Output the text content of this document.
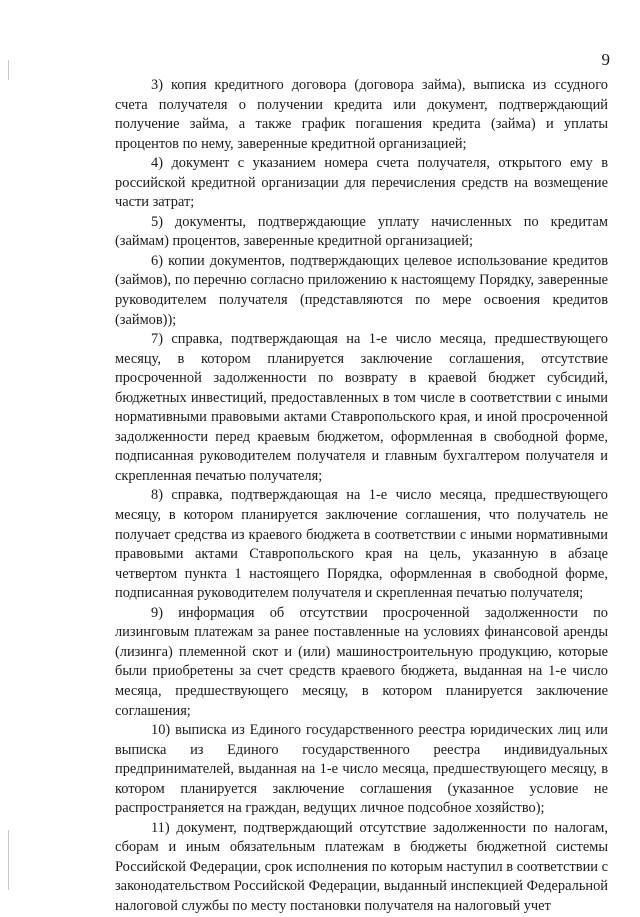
9

3) копия кредитного договора (договора займа), выписка из ссудного счета получателя о получении кредита или документ, подтверждающий получение займа, а также график погашения кредита (займа) и уплаты процентов по нему, заверенные кредитной организацией;

4) документ с указанием номера счета получателя, открытого ему в российской кредитной организации для перечисления средств на возмещение части затрат;

5) документы, подтверждающие уплату начисленных по кредитам (займам) процентов, заверенные кредитной организацией;

6) копии документов, подтверждающих целевое использование кредитов (займов), по перечню согласно приложению к настоящему Порядку, заверенные руководителем получателя (представляются по мере освоения кредитов (займов));

7) справка, подтверждающая на 1-е число месяца, предшествующего месяцу, в котором планируется заключение соглашения, отсутствие просроченной задолженности по возврату в краевой бюджет субсидий, бюджетных инвестиций, предоставленных в том числе в соответствии с иными нормативными правовыми актами Ставропольского края, и иной просроченной задолженности перед краевым бюджетом, оформленная в свободной форме, подписанная руководителем получателя и главным бухгалтером получателя и скрепленная печатью получателя;

8) справка, подтверждающая на 1-е число месяца, предшествующего месяцу, в котором планируется заключение соглашения, что получатель не получает средства из краевого бюджета в соответствии с иными нормативными правовыми актами Ставропольского края на цель, указанную в абзаце четвертом пункта 1 настоящего Порядка, оформленная в свободной форме, подписанная руководителем получателя и скрепленная печатью получателя;

9) информация об отсутствии просроченной задолженности по лизинговым платежам за ранее поставленные на условиях финансовой аренды (лизинга) племенной скот и (или) машиностроительную продукцию, которые были приобретены за счет средств краевого бюджета, выданная на 1-е число месяца, предшествующего месяцу, в котором планируется заключение соглашения;

10) выписка из Единого государственного реестра юридических лиц или выписка из Единого государственного реестра индивидуальных предпринимателей, выданная на 1-е число месяца, предшествующего месяцу, в котором планируется заключение соглашения (указанное условие не распространяется на граждан, ведущих личное подсобное хозяйство);

11) документ, подтверждающий отсутствие задолженности по налогам, сборам и иным обязательным платежам в бюджеты бюджетной системы Российской Федерации, срок исполнения по которым наступил в соответствии с законодательством Российской Федерации, выданный инспекцией Федеральной налоговой службы по месту постановки получателя на налоговый учет
